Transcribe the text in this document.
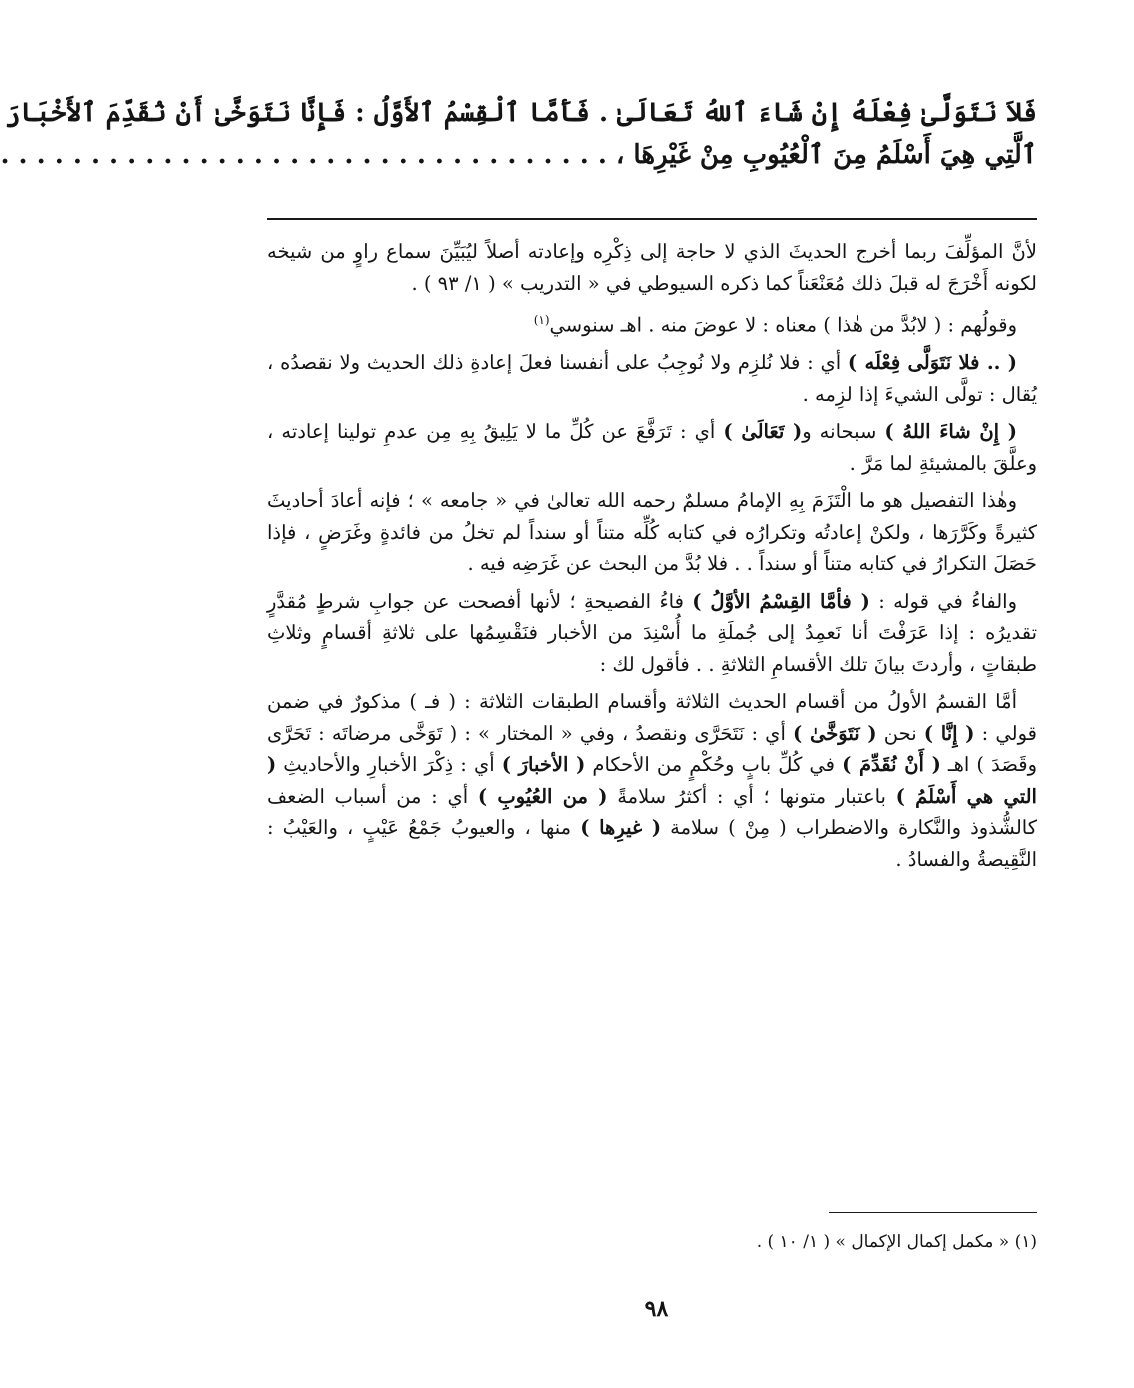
فَلاَ نَتَوَلَّىٰ فِعْلَهُ إِنْ شَاءَ ٱللهُ تَعَالَىٰ . فَأَمَّا ٱلْقِسْمُ ٱلأَوَّلُ : فَإِنَّا نَتَوَخَّىٰ أَنْ نُقَدِّمَ ٱلأَخْبَارَ
ٱلَّتِي هِيَ أَسْلَمُ مِنَ ٱلْعُيُوبِ مِنْ غَيْرِهَا ، . . . . . . . . . . . . . . . . . . . . . . . . . . . . . . . . . .

لأنَّ المؤلِّفَ ربما أخرج الحديثَ الذي لا حاجة إلى ذِكْرِه وإعادته أصلاً ليُبَيِّنَ سماع راوٍ من شيخه لكونه أَخْرَجَ له قبلَ ذلك مُعَنْعَناً كما ذكره السيوطي في « التدريب » ( ١/ ٩٣ ) .

وقولُهم : ( لابُدَّ من هٰذا ) معناه : لا عوضَ منه . اهـ سنوسي$^{(١)}$

( .. فلا نَتَوَلَّى فِعْلَه ) أي : فلا نُلزِم ولا نُوجِبُ على أنفسنا فعلَ إعادةِ ذلك الحديث ولا نقصدُه ، يُقال : تولَّى الشيءَ إذا لزِمه .

( إِنْ شاءَ اللهُ ) سبحانه و( تَعَالَىٰ ) أي : تَرَفَّعَ عن كُلِّ ما لا يَلِيقُ بِهِ مِن عدمِ تولينا إعادته ، وعلَّقَ بالمشيئةِ لما مَرَّ .

وهٰذا التفصيل هو ما الْتَزَمَ بِهِ الإمامُ مسلمٌ رحمه الله تعالىٰ في « جامعه » ؛ فإنه أعادَ أحاديثَ كثيرةً وكَرَّرَها ، ولكنْ إعادتُه وتكرارُه في كتابه كُلِّه متناً أو سنداً لم تخلُ من فائدةٍ وغَرَضٍ ، فإذا حَصَلَ التكرارُ في كتابه متناً أو سنداً . . فلا بُدَّ من البحث عن غَرَضِه فيه .

والفاءُ في قوله : ( فأمَّا القِسْمُ الأوَّلُ ) فاءُ الفصيحةِ ؛ لأنها أفصحت عن جوابِ شرطٍ مُقدَّرٍ تقديرُه : إذا عَرَفْتَ أنا نَعمِدُ إلى جُملَةِ ما أُسْنِدَ من الأخبار فنَقْسِمُها على ثلاثةِ أقسامٍ وثلاثِ طبقاتٍ ، وأردتَ بيانَ تلك الأقسامِ الثلاثةِ . . فأقول لك :

أمَّا القسمُ الأولُ من أقسام الحديث الثلاثة وأقسام الطبقات الثلاثة : ( فـ ) مذكورٌ في ضمن قولي : ( إِنَّا ) نحن ( نَتَوَخَّىٰ ) أي : نَتَحَرَّى ونقصدُ ، وفي « المختار » : ( تَوَخَّى مرضاتَه : تَحَرَّى وقَصَدَ ) اهـ ( أَنْ نُقَدِّمَ ) في كُلِّ بابٍ وحُكْمٍ من الأحكام ( الأخبارَ ) أي : ذِكْرَ الأخبارِ والأحاديثِ ( التي هي أَسْلَمُ ) باعتبار متونها ؛ أي : أكثرُ سلامةً ( من العُيُوبِ ) أي : من أسباب الضعف كالشُّذوذ والنَّكارة والاضطراب ( مِنْ ) سلامة ( غيرِها ) منها ، والعيوبُ جَمْعُ عَيْبٍ ، والعَيْبُ : النَّقِيصةُ والفسادُ .

(١) « مكمل إكمال الإكمال » ( ١/ ١٠ ) .
٩٨
